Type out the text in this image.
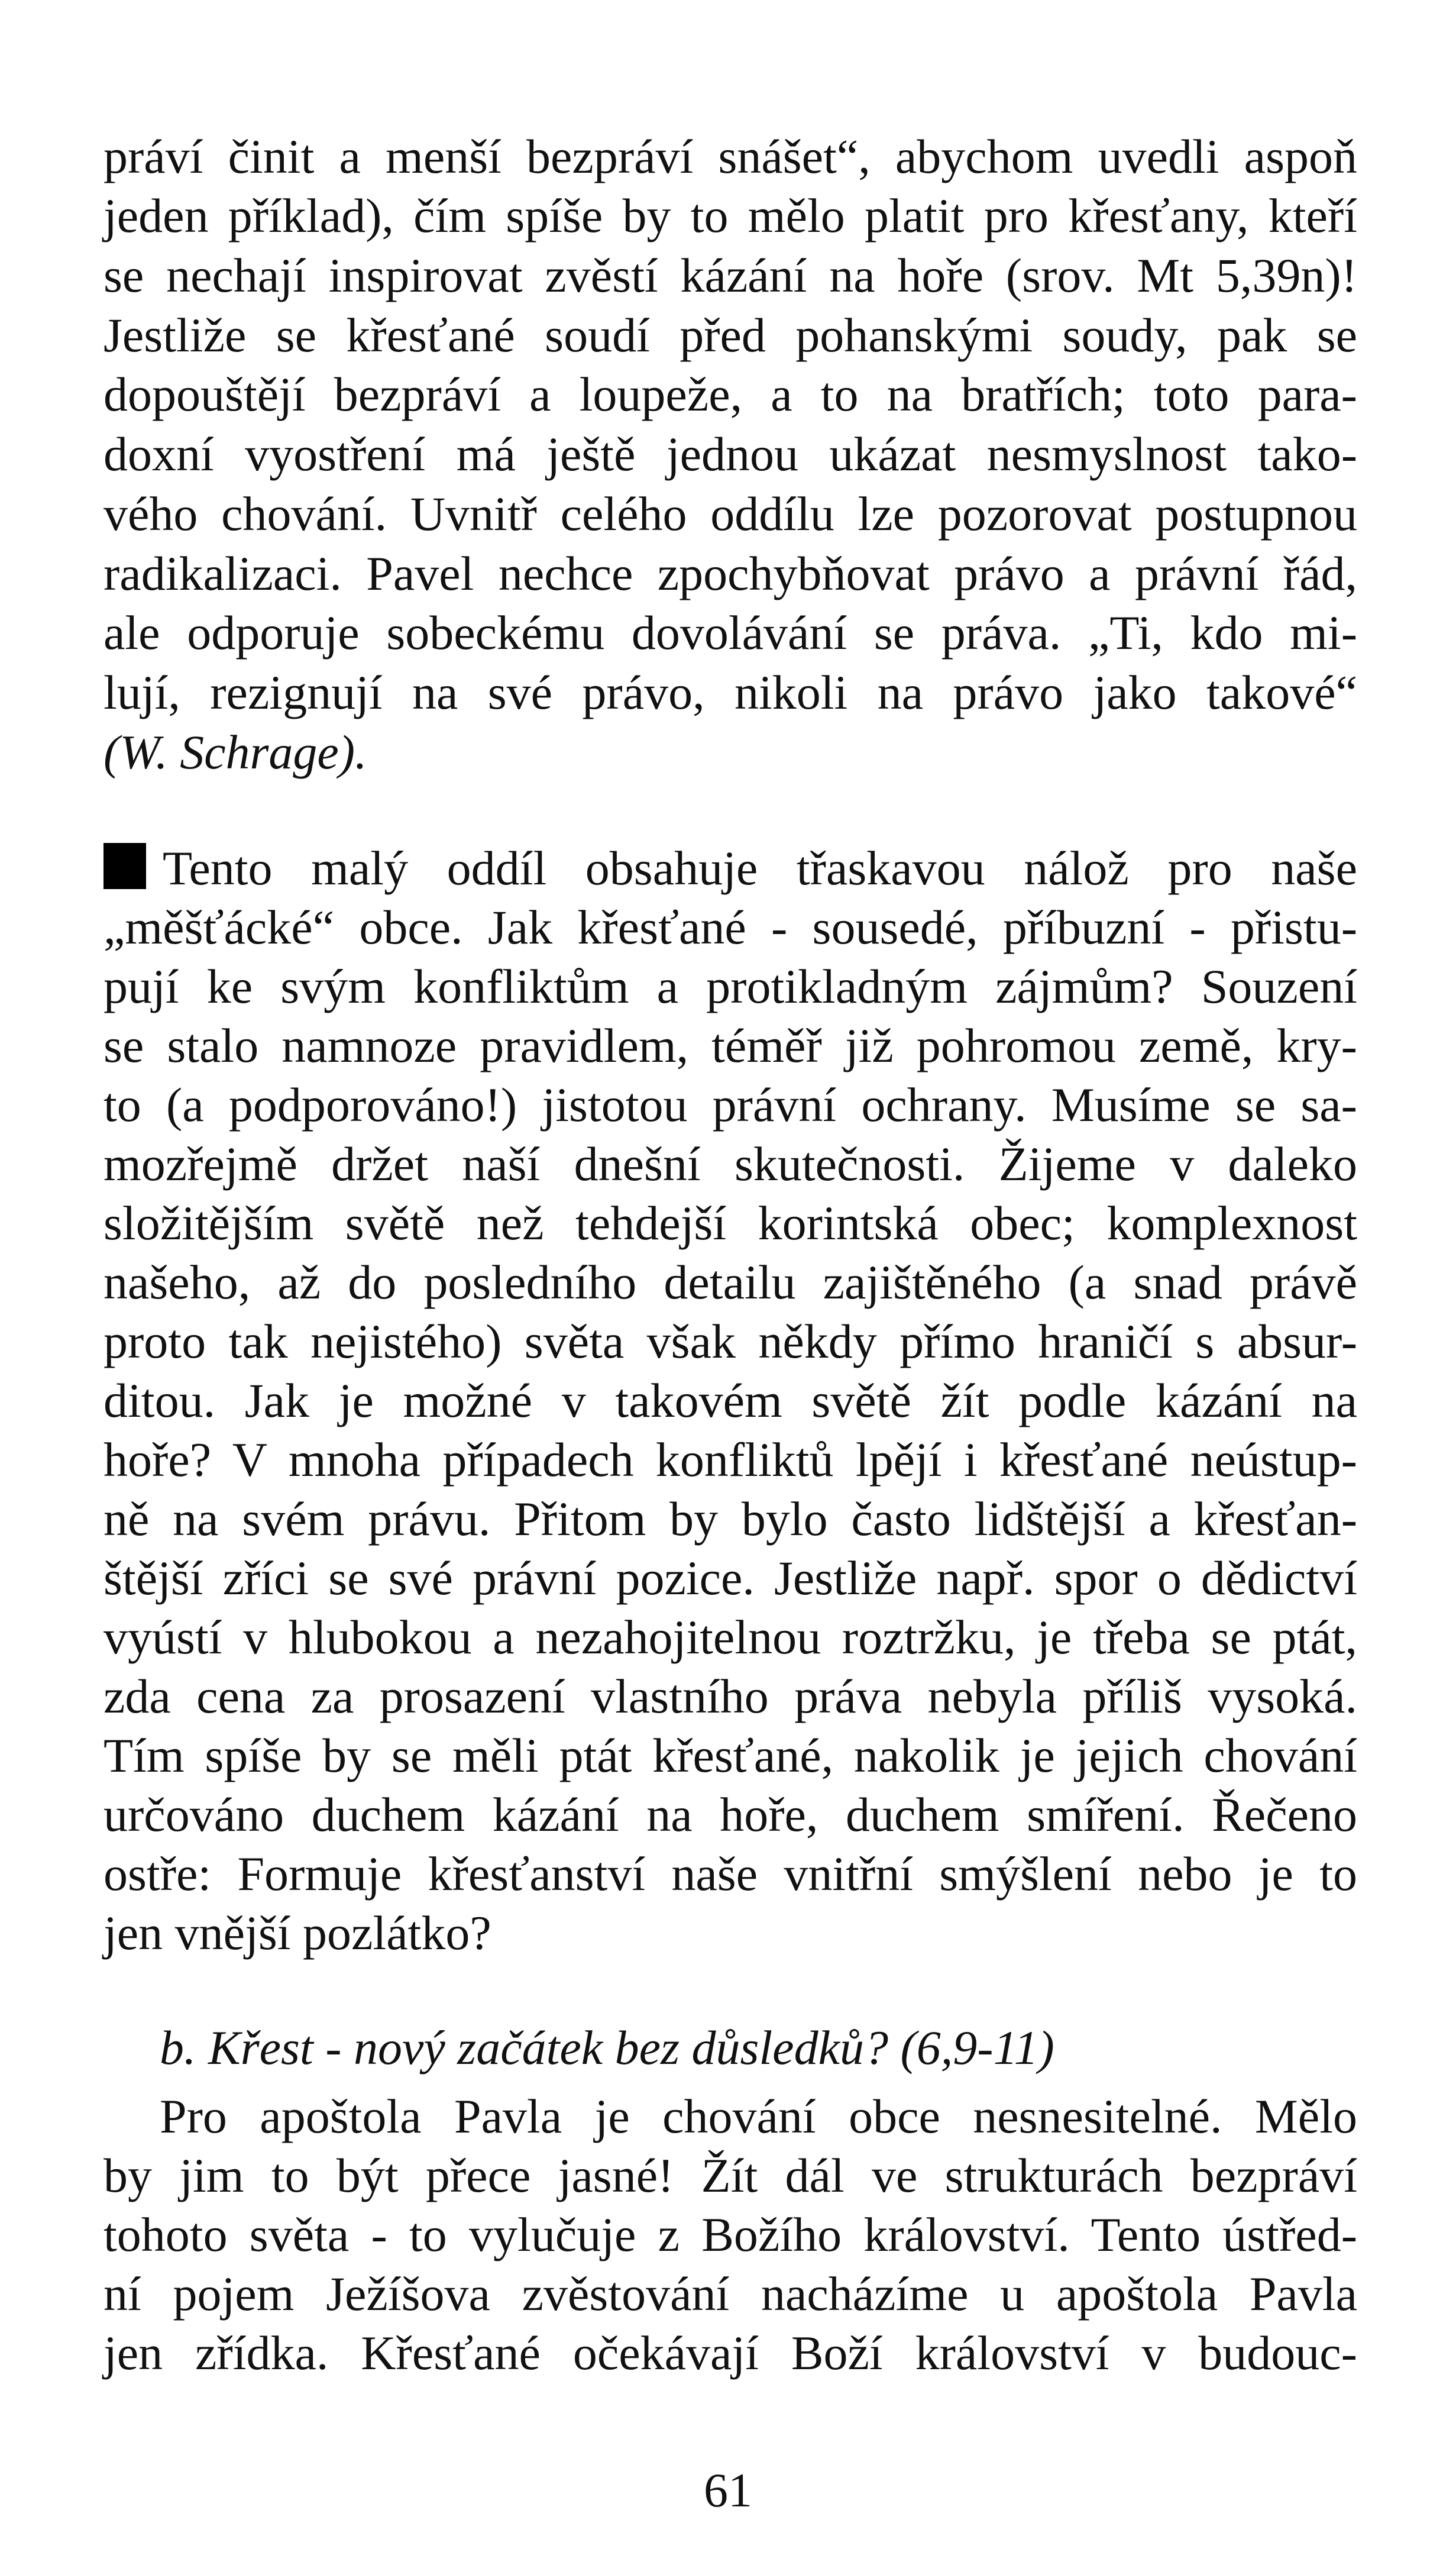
práví činit a menší bezpráví snášet“, abychom uvedli aspoň
jeden příklad), čím spíše by to mělo platit pro křesťany, kteří
se nechají inspirovat zvěstí kázání na hoře (srov. Mt 5,39n)!
Jestliže se křesťané soudí před pohanskými soudy, pak se
dopouštějí bezpráví a loupeže, a to na bratřích; toto para-
doxní vyostření má ještě jednou ukázat nesmyslnost tako-
vého chování. Uvnitř celého oddílu lze pozorovat postupnou
radikalizaci. Pavel nechce zpochybňovat právo a právní řád,
ale odporuje sobeckému dovolávání se práva. „Ti, kdo mi-
lují, rezignují na své právo, nikoli na právo jako takové“
(W. Schrage).
Tento malý oddíl obsahuje třaskavou nálož pro naše
„měšťácké“ obce. Jak křesťané - sousedé, příbuzní - přistu-
pují ke svým konfliktům a protikladným zájmům? Souzení
se stalo namnoze pravidlem, téměř již pohromou země, kry-
to (a podporováno!) jistotou právní ochrany. Musíme se sa-
mozřejmě držet naší dnešní skutečnosti. Žijeme v daleko
složitějším světě než tehdejší korintská obec; komplexnost
našeho, až do posledního detailu zajištěného (a snad právě
proto tak nejistého) světa však někdy přímo hraničí s absur-
ditou. Jak je možné v takovém světě žít podle kázání na
hoře? V mnoha případech konfliktů lpějí i křesťané neústup-
ně na svém právu. Přitom by bylo často lidštější a křesťan-
štější zříci se své právní pozice. Jestliže např. spor o dědictví
vyústí v hlubokou a nezahojitelnou roztržku, je třeba se ptát,
zda cena za prosazení vlastního práva nebyla příliš vysoká.
Tím spíše by se měli ptát křesťané, nakolik je jejich chování
určováno duchem kázání na hoře, duchem smíření. Řečeno
ostře: Formuje křesťanství naše vnitřní smýšlení nebo je to
jen vnější pozlátko?
b. Křest - nový začátek bez důsledků? (6,9-11)
Pro apoštola Pavla je chování obce nesnesitelné. Mělo
by jim to být přece jasné! Žít dál ve strukturách bezpráví
tohoto světa - to vylučuje z Božího království. Tento ústřed-
ní pojem Ježíšova zvěstování nacházíme u apoštola Pavla
jen zřídka. Křesťané očekávají Boží království v budouc-
61
